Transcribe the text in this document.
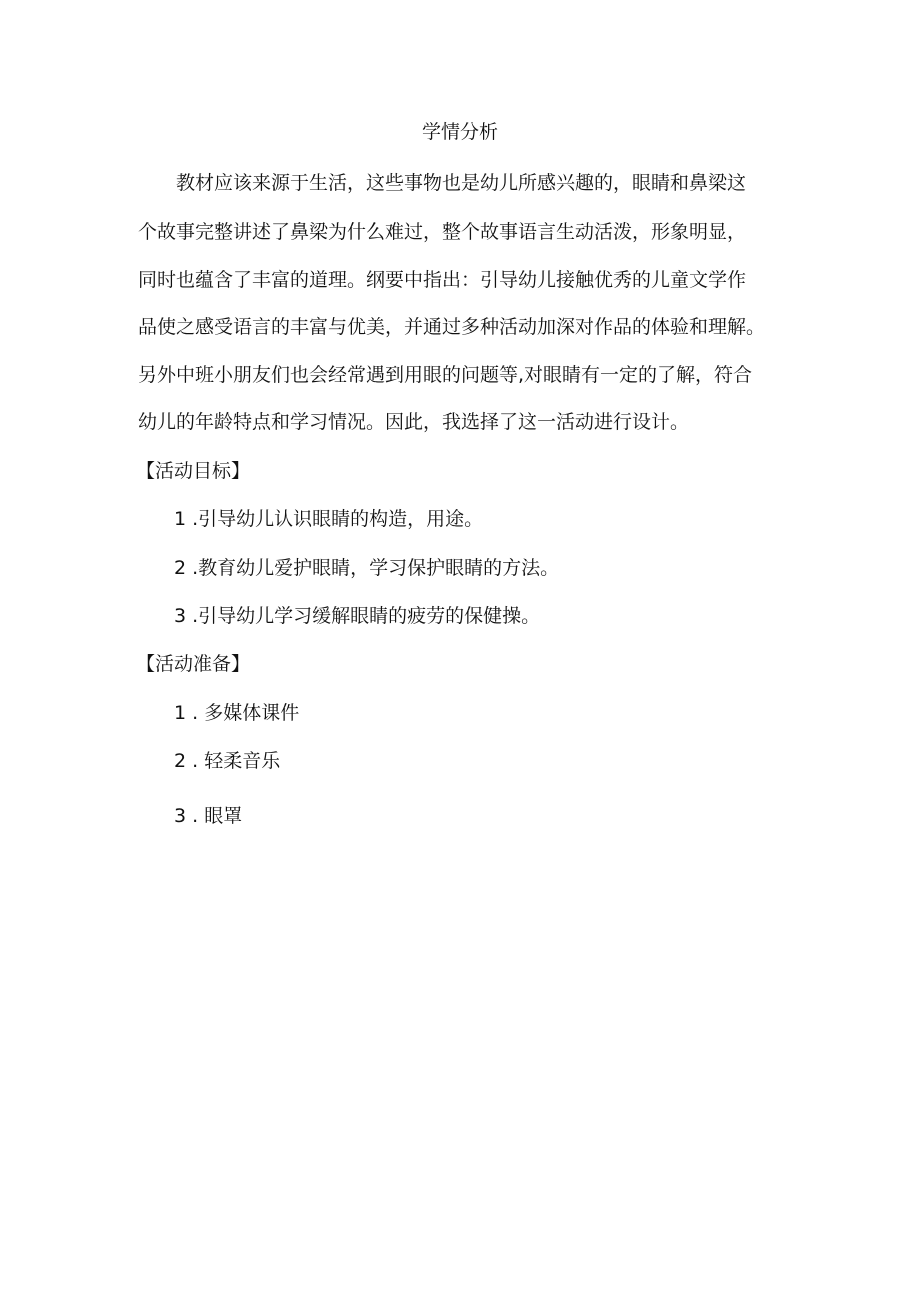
学情分析
教材应该来源于生活，这些事物也是幼儿所感兴趣的，眼睛和鼻梁这
个故事完整讲述了鼻梁为什么难过，整个故事语言生动活泼，形象明显，
同时也蕴含了丰富的道理。纲要中指出：引导幼儿接触优秀的儿童文学作
品使之感受语言的丰富与优美，并通过多种活动加深对作品的体验和理解。
另外中班小朋友们也会经常遇到用眼的问题等,对眼睛有一定的了解，符合
幼儿的年龄特点和学习情况。因此，我选择了这一活动进行设计。
【活动目标】
1 .引导幼儿认识眼睛的构造，用途。
2 .教育幼儿爱护眼睛，学习保护眼睛的方法。
3 .引导幼儿学习缓解眼睛的疲劳的保健操。
【活动准备】
1 . 多媒体课件
2 . 轻柔音乐
3 . 眼罩
